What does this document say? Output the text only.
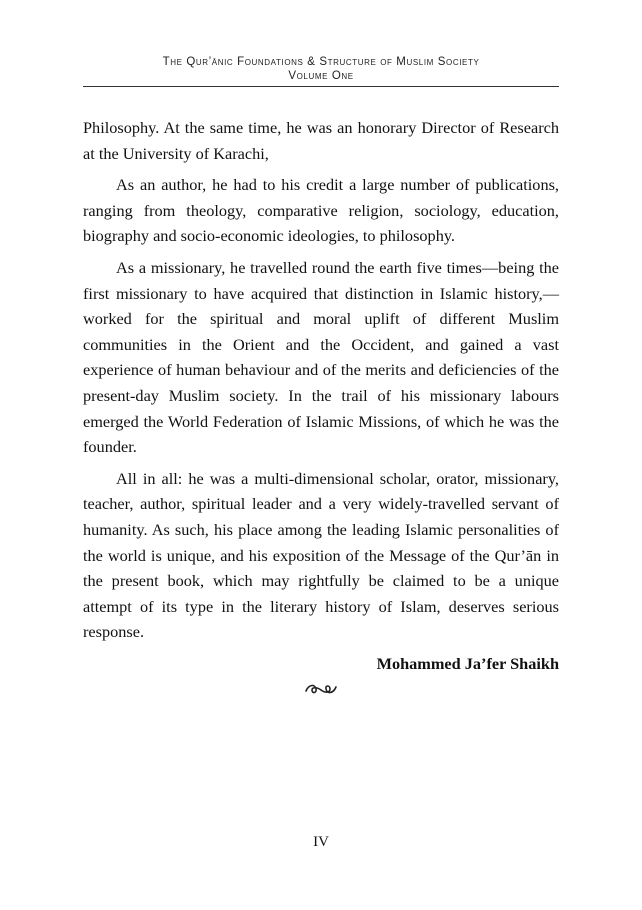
The Qur’ānic Foundations & Structure of Muslim Society
Volume One

Philosophy. At the same time, he was an honorary Director of Research at the University of Karachi,

As an author, he had to his credit a large number of publications, ranging from theology, comparative religion, sociology, education, biography and socio-economic ideologies, to philosophy.

As a missionary, he travelled round the earth five times—being the first missionary to have acquired that distinction in Islamic history,— worked for the spiritual and moral uplift of different Muslim communities in the Orient and the Occident, and gained a vast experience of human behaviour and of the merits and deficiencies of the present-day Muslim society. In the trail of his missionary labours emerged the World Federation of Islamic Missions, of which he was the founder.

All in all: he was a multi-dimensional scholar, orator, missionary, teacher, author, spiritual leader and a very widely-travelled servant of humanity. As such, his place among the leading Islamic personalities of the world is unique, and his exposition of the Message of the Qur’ān in the present book, which may rightfully be claimed to be a unique attempt of its type in the literary history of Islam, deserves serious response.

Mohammed Ja’fer Shaikh

IV
